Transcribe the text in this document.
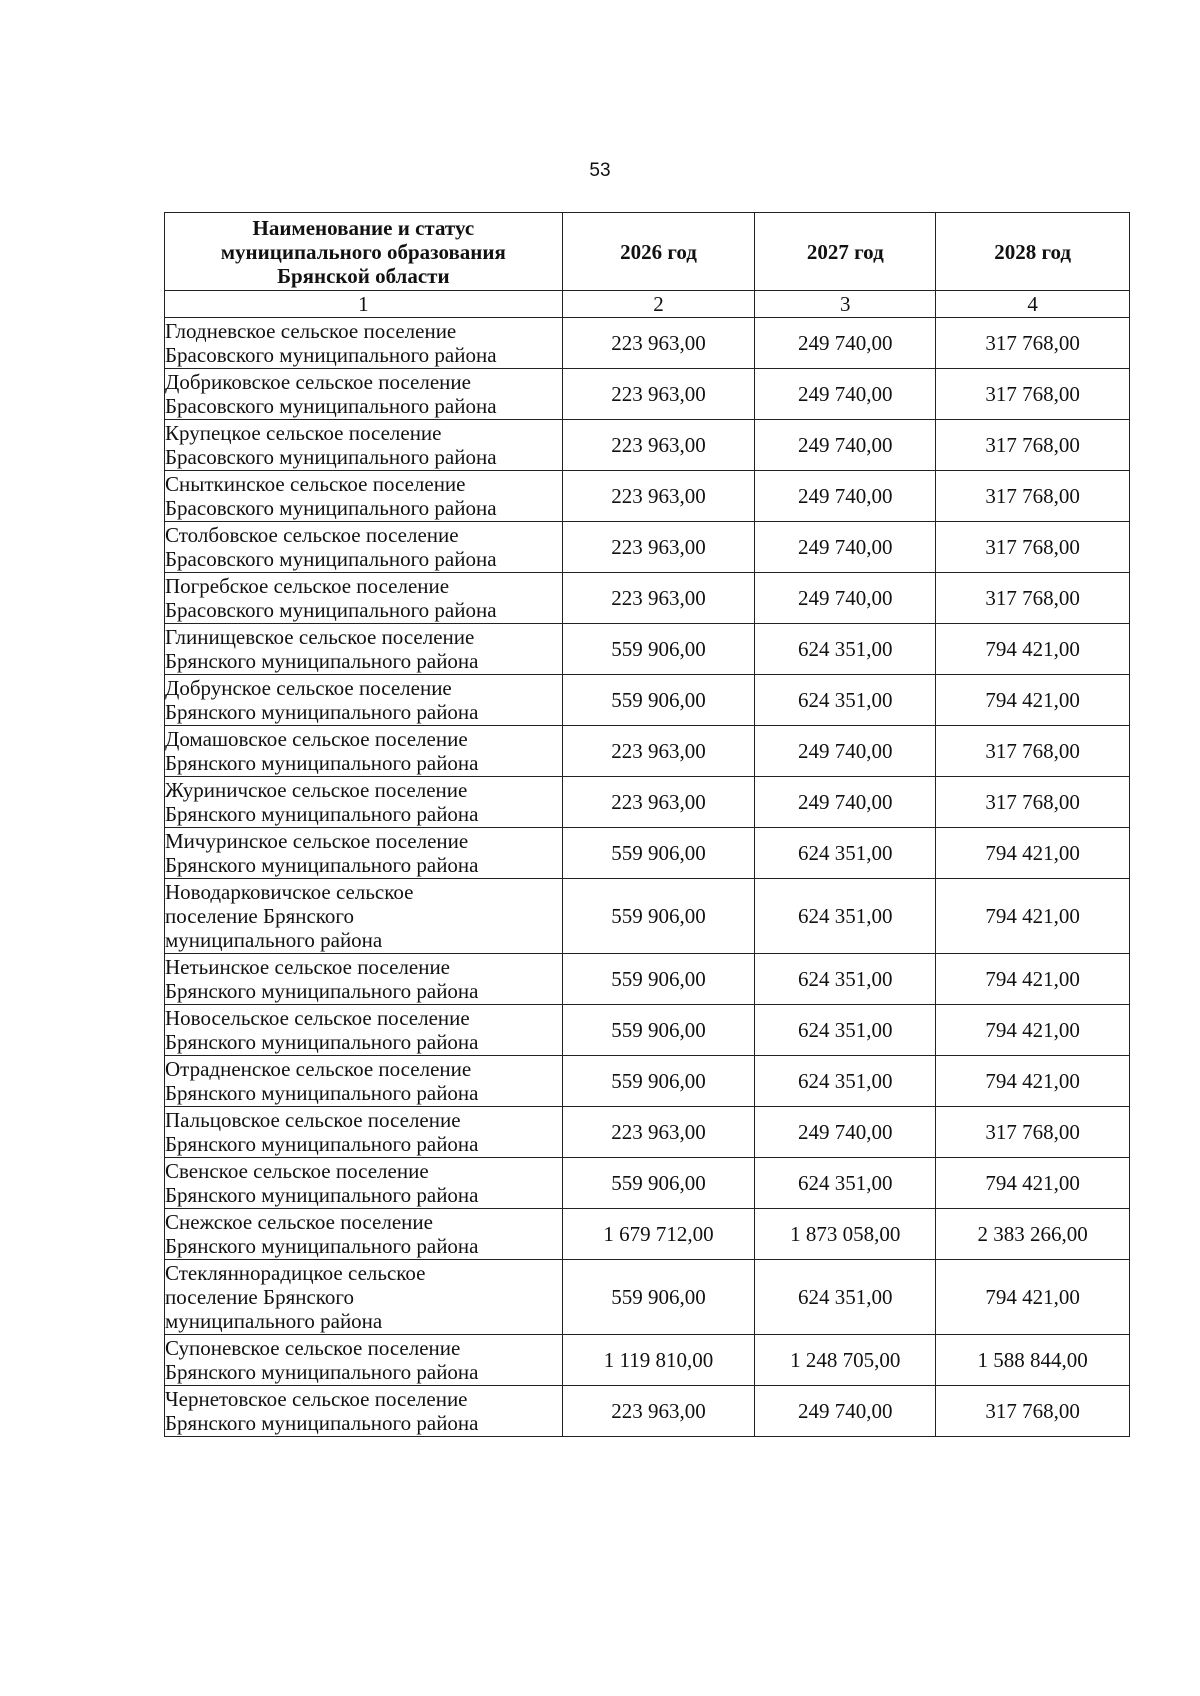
53
Наименование и статус
муниципального образования
Брянской области	2026 год	2027 год	2028 год
1	2	3	4
Глодневское сельское поселение
Брасовского муниципального района	223 963,00	249 740,00	317 768,00
Добриковское сельское поселение
Брасовского муниципального района	223 963,00	249 740,00	317 768,00
Крупецкое сельское поселение
Брасовского муниципального района	223 963,00	249 740,00	317 768,00
Сныткинское сельское поселение
Брасовского муниципального района	223 963,00	249 740,00	317 768,00
Столбовское сельское поселение
Брасовского муниципального района	223 963,00	249 740,00	317 768,00
Погребское сельское поселение
Брасовского муниципального района	223 963,00	249 740,00	317 768,00
Глинищевское сельское поселение
Брянского муниципального района	559 906,00	624 351,00	794 421,00
Добрунское сельское поселение
Брянского муниципального района	559 906,00	624 351,00	794 421,00
Домашовское сельское поселение
Брянского муниципального района	223 963,00	249 740,00	317 768,00
Журиничское сельское поселение
Брянского муниципального района	223 963,00	249 740,00	317 768,00
Мичуринское сельское поселение
Брянского муниципального района	559 906,00	624 351,00	794 421,00
Новодарковичское сельское
поселение Брянского
муниципального района	559 906,00	624 351,00	794 421,00
Нетьинское сельское поселение
Брянского муниципального района	559 906,00	624 351,00	794 421,00
Новосельское сельское поселение
Брянского муниципального района	559 906,00	624 351,00	794 421,00
Отрадненское сельское поселение
Брянского муниципального района	559 906,00	624 351,00	794 421,00
Пальцовское сельское поселение
Брянского муниципального района	223 963,00	249 740,00	317 768,00
Свенское сельское поселение
Брянского муниципального района	559 906,00	624 351,00	794 421,00
Снежское сельское поселение
Брянского муниципального района	1 679 712,00	1 873 058,00	2 383 266,00
Стекляннорадицкое сельское
поселение Брянского
муниципального района	559 906,00	624 351,00	794 421,00
Супоневское сельское поселение
Брянского муниципального района	1 119 810,00	1 248 705,00	1 588 844,00
Чернетовское сельское поселение
Брянского муниципального района	223 963,00	249 740,00	317 768,00
